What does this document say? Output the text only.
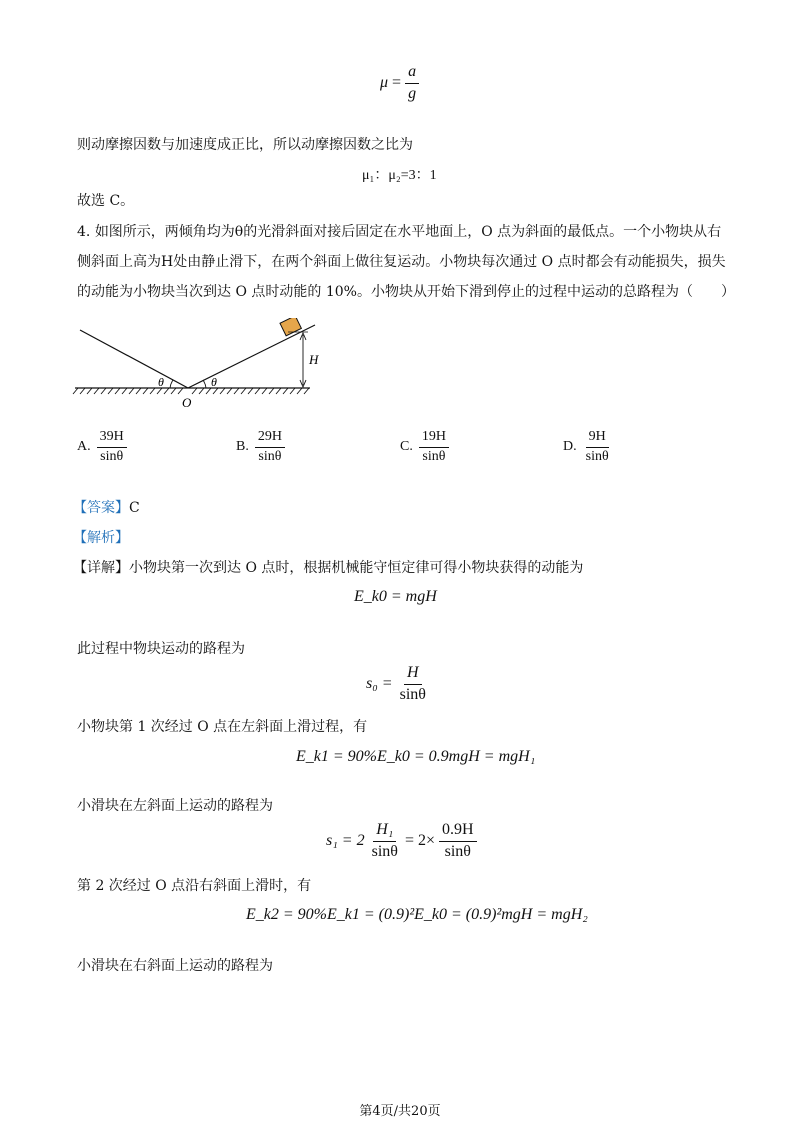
$\mu = \frac{a}{g}$
则动摩擦因数与加速度成正比，所以动摩擦因数之比为
μ₁：μ₂=3：1
故选 C。
4. 如图所示，两倾角均为θ的光滑斜面对接后固定在水平地面上，O 点为斜面的最低点。一个小物块从右
侧斜面上高为H处由静止滑下，在两个斜面上做往复运动。小物块每次通过 O 点时都会有动能损失，损失
的动能为小物块当次到达 O 点时动能的 10%。小物块从开始下滑到停止的过程中运动的总路程为（　　）
θ	θ
O
H
A. $\frac{39H}{\sin\theta}$	B. $\frac{29H}{\sin\theta}$	C. $\frac{19H}{\sin\theta}$	D. $\frac{9H}{\sin\theta}$
【答案】C
【解析】
【详解】小物块第一次到达 O 点时，根据机械能守恒定律可得小物块获得的动能为
E_k0 = mgH
此过程中物块运动的路程为
$s_0 = \frac{H}{\sin\theta}$
小物块第 1 次经过 O 点在左斜面上滑过程，有
E_k1 = 90%E_k0 = 0.9mgH = mgH₁
小滑块在左斜面上运动的路程为
$s_1 = 2 \frac{\text{H₁}}{\sin\theta} = 2\times \frac{0.9H}{\sin\theta}$
第 2 次经过 O 点沿右斜面上滑时，有
E_k2 = 90%E_k1 = (0.9)²E_k0 = (0.9)²mgH = mgH₂
小滑块在右斜面上运动的路程为
第4页/共20页
